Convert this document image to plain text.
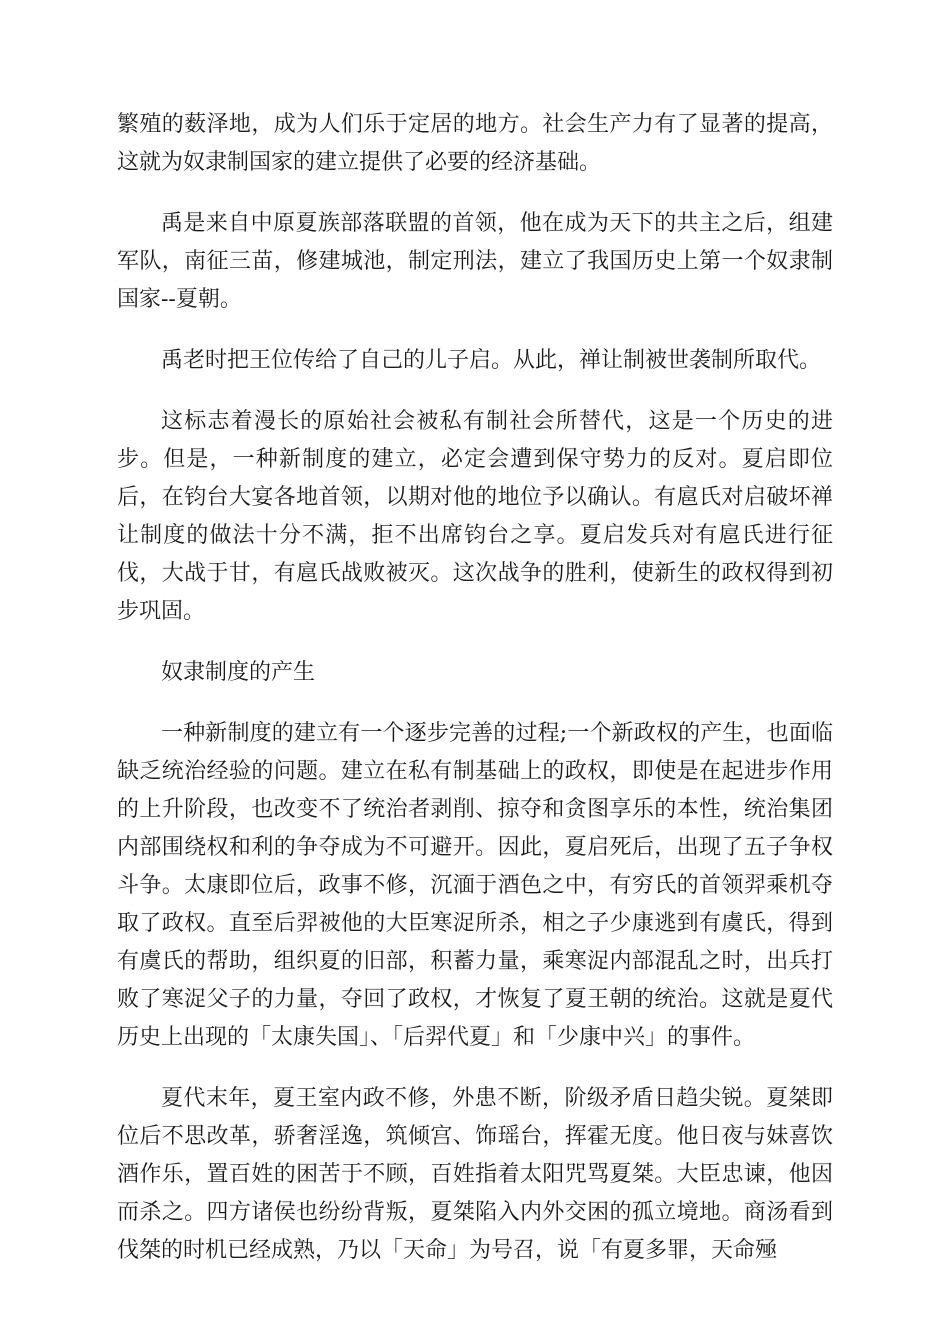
繁殖的薮泽地，成为人们乐于定居的地方。社会生产力有了显著的提高，这就为奴隶制国家的建立提供了必要的经济基础。

禹是来自中原夏族部落联盟的首领，他在成为天下的共主之后，组建军队，南征三苗，修建城池，制定刑法，建立了我国历史上第一个奴隶制国家--夏朝。

禹老时把王位传给了自己的儿子启。从此，禅让制被世袭制所取代。

这标志着漫长的原始社会被私有制社会所替代，这是一个历史的进步。但是，一种新制度的建立，必定会遭到保守势力的反对。夏启即位后，在钧台大宴各地首领，以期对他的地位予以确认。有扈氏对启破坏禅让制度的做法十分不满，拒不出席钧台之享。夏启发兵对有扈氏进行征伐，大战于甘，有扈氏战败被灭。这次战争的胜利，使新生的政权得到初步巩固。

奴隶制度的产生

一种新制度的建立有一个逐步完善的过程;一个新政权的产生，也面临缺乏统治经验的问题。建立在私有制基础上的政权，即使是在起进步作用的上升阶段，也改变不了统治者剥削、掠夺和贪图享乐的本性，统治集团内部围绕权和利的争夺成为不可避开。因此，夏启死后，出现了五子争权斗争。太康即位后，政事不修，沉湎于酒色之中，有穷氏的首领羿乘机夺取了政权。直至后羿被他的大臣寒浞所杀，相之子少康逃到有虞氏，得到有虞氏的帮助，组织夏的旧部，积蓄力量，乘寒浞内部混乱之时，出兵打败了寒浞父子的力量，夺回了政权，才恢复了夏王朝的统治。这就是夏代历史上出现的「太康失国」、「后羿代夏」和「少康中兴」的事件。

夏代末年，夏王室内政不修，外患不断，阶级矛盾日趋尖锐。夏桀即位后不思改革，骄奢淫逸，筑倾宫、饰瑶台，挥霍无度。他日夜与妹喜饮酒作乐，置百姓的困苦于不顾，百姓指着太阳咒骂夏桀。大臣忠谏，他因而杀之。四方诸侯也纷纷背叛，夏桀陷入内外交困的孤立境地。商汤看到伐桀的时机已经成熟，乃以「天命」为号召，说「有夏多罪，天命殛
